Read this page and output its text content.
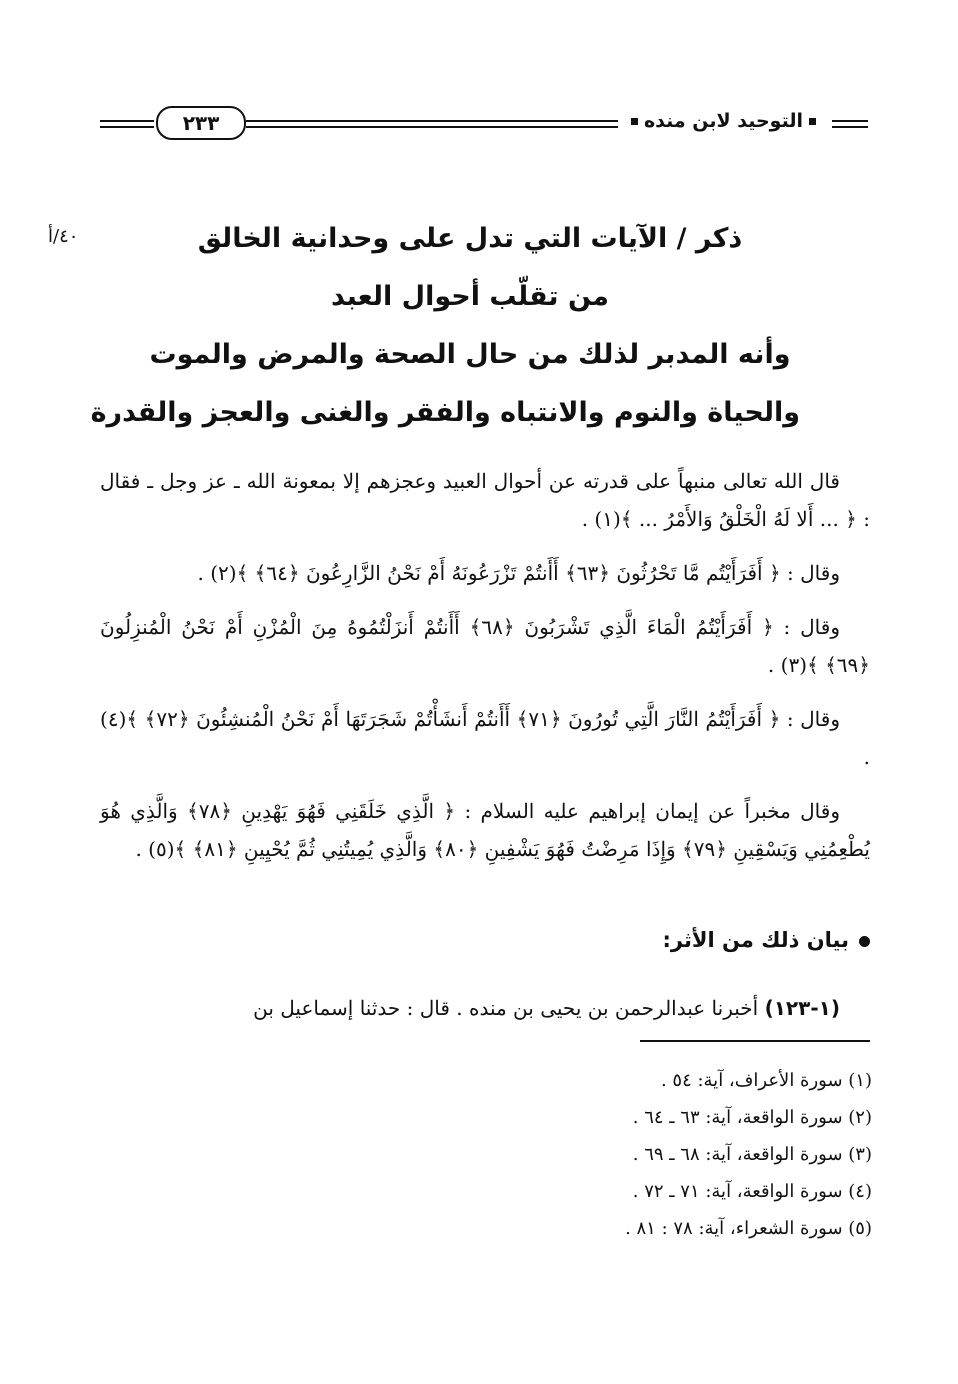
التوحيد لابن منده
٢٣٣
٤٠/أ	ذكر / الآيات التي تدل على وحدانية الخالق
من تقلّب أحوال العبد
وأنه المدبر لذلك من حال الصحة والمرض والموت
والحياة والنوم والانتباه والفقر والغنى والعجز والقدرة

قال الله تعالى منبهاً على قدرته عن أحوال العبيد وعجزهم إلا بمعونة الله ـ عز وجل ـ فقال : ﴿ ... أَلا لَهُ الْخَلْقُ وَالأَمْرُ ... ﴾(١) .

وقال : ﴿ أَفَرَأَيْتُم مَّا تَحْرُثُونَ ﴿٦٣﴾ أَأَنتُمْ تَزْرَعُونَهُ أَمْ نَحْنُ الزَّارِعُونَ ﴿٦٤﴾ ﴾(٢) .

وقال : ﴿ أَفَرَأَيْتُمُ الْمَاءَ الَّذِي تَشْرَبُونَ ﴿٦٨﴾ أَأَنتُمْ أَنزَلْتُمُوهُ مِنَ الْمُزْنِ أَمْ نَحْنُ الْمُنزِلُونَ ﴿٦٩﴾ ﴾(٣) .

وقال : ﴿ أَفَرَأَيْتُمُ النَّارَ الَّتِي تُورُونَ ﴿٧١﴾ أَأَنتُمْ أَنشَأْتُمْ شَجَرَتَهَا أَمْ نَحْنُ الْمُنشِئُونَ ﴿٧٢﴾ ﴾(٤) .

وقال مخبراً عن إيمان إبراهيم عليه السلام : ﴿ الَّذِي خَلَقَنِي فَهُوَ يَهْدِينِ ﴿٧٨﴾ وَالَّذِي هُوَ يُطْعِمُنِي وَيَسْقِينِ ﴿٧٩﴾ وَإِذَا مَرِضْتُ فَهُوَ يَشْفِينِ ﴿٨٠﴾ وَالَّذِي يُمِيتُنِي ثُمَّ يُحْيِينِ ﴿٨١﴾ ﴾(٥) .

بيان ذلك من الأثر:
(١-١٢٣) أخبرنا عبدالرحمن بن يحيى بن منده . قال : حدثنا إسماعيل بن
(١) سورة الأعراف، آية: ٥٤ .
(٢) سورة الواقعة، آية: ٦٣ ـ ٦٤ .
(٣) سورة الواقعة، آية: ٦٨ ـ ٦٩ .
(٤) سورة الواقعة، آية: ٧١ ـ ٧٢ .
(٥) سورة الشعراء، آية: ٧٨ : ٨١ .
